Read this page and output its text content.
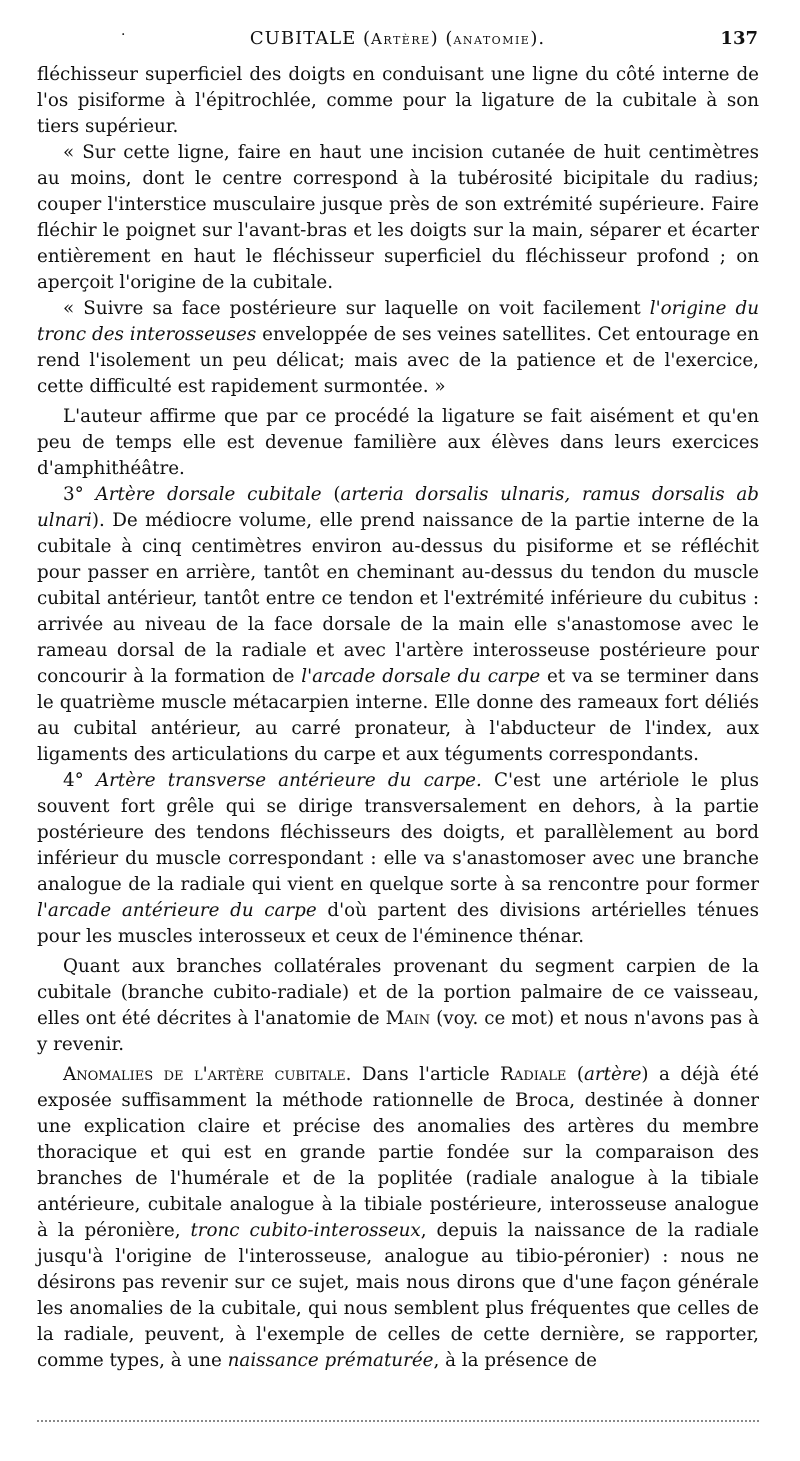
·	CUBITALE (Artère) (anatomie).	137

fléchisseur superficiel des doigts en conduisant une ligne du côté interne de l'os pisiforme à l'épitrochlée, comme pour la ligature de la cubitale à son tiers supérieur.

« Sur cette ligne, faire en haut une incision cutanée de huit centimètres au moins, dont le centre correspond à la tubérosité bicipitale du radius; couper l'interstice musculaire jusque près de son extrémité supérieure. Faire fléchir le poignet sur l'avant-bras et les doigts sur la main, séparer et écarter entièrement en haut le fléchisseur superficiel du fléchisseur profond ; on aperçoit l'origine de la cubitale.

« Suivre sa face postérieure sur laquelle on voit facilement l'origine du tronc des interosseuses enveloppée de ses veines satellites. Cet entourage en rend l'isolement un peu délicat; mais avec de la patience et de l'exercice, cette difficulté est rapidement surmontée. »

L'auteur affirme que par ce procédé la ligature se fait aisément et qu'en peu de temps elle est devenue familière aux élèves dans leurs exercices d'amphithéâtre.

3° Artère dorsale cubitale (arteria dorsalis ulnaris, ramus dorsalis ab ulnari). De médiocre volume, elle prend naissance de la partie interne de la cubitale à cinq centimètres environ au-dessus du pisiforme et se réfléchit pour passer en arrière, tantôt en cheminant au-dessus du tendon du muscle cubital antérieur, tantôt entre ce tendon et l'extrémité inférieure du cubitus : arrivée au niveau de la face dorsale de la main elle s'anastomose avec le rameau dorsal de la radiale et avec l'artère interosseuse postérieure pour concourir à la formation de l'arcade dorsale du carpe et va se terminer dans le quatrième muscle métacarpien interne. Elle donne des rameaux fort déliés au cubital antérieur, au carré pronateur, à l'abducteur de l'index, aux ligaments des articulations du carpe et aux téguments correspondants.

4° Artère transverse antérieure du carpe. C'est une artériole le plus souvent fort grêle qui se dirige transversalement en dehors, à la partie postérieure des tendons fléchisseurs des doigts, et parallèlement au bord inférieur du muscle correspondant : elle va s'anastomoser avec une branche analogue de la radiale qui vient en quelque sorte à sa rencontre pour former l'arcade antérieure du carpe d'où partent des divisions artérielles ténues pour les muscles interosseux et ceux de l'éminence thénar.

Quant aux branches collatérales provenant du segment carpien de la cubitale (branche cubito-radiale) et de la portion palmaire de ce vaisseau, elles ont été décrites à l'anatomie de Main (voy. ce mot) et nous n'avons pas à y revenir.

Anomalies de l'artère cubitale. Dans l'article Radiale (artère) a déjà été exposée suffisamment la méthode rationnelle de Broca, destinée à donner une explication claire et précise des anomalies des artères du membre thoracique et qui est en grande partie fondée sur la comparaison des branches de l'humérale et de la poplitée (radiale analogue à la tibiale antérieure, cubitale analogue à la tibiale postérieure, interosseuse analogue à la péronière, tronc cubito-interosseux, depuis la naissance de la radiale jusqu'à l'origine de l'interosseuse, analogue au tibio-péronier) : nous ne désirons pas revenir sur ce sujet, mais nous dirons que d'une façon générale les anomalies de la cubitale, qui nous semblent plus fréquentes que celles de la radiale, peuvent, à l'exemple de celles de cette dernière, se rapporter, comme types, à une naissance prématurée, à la présence de
